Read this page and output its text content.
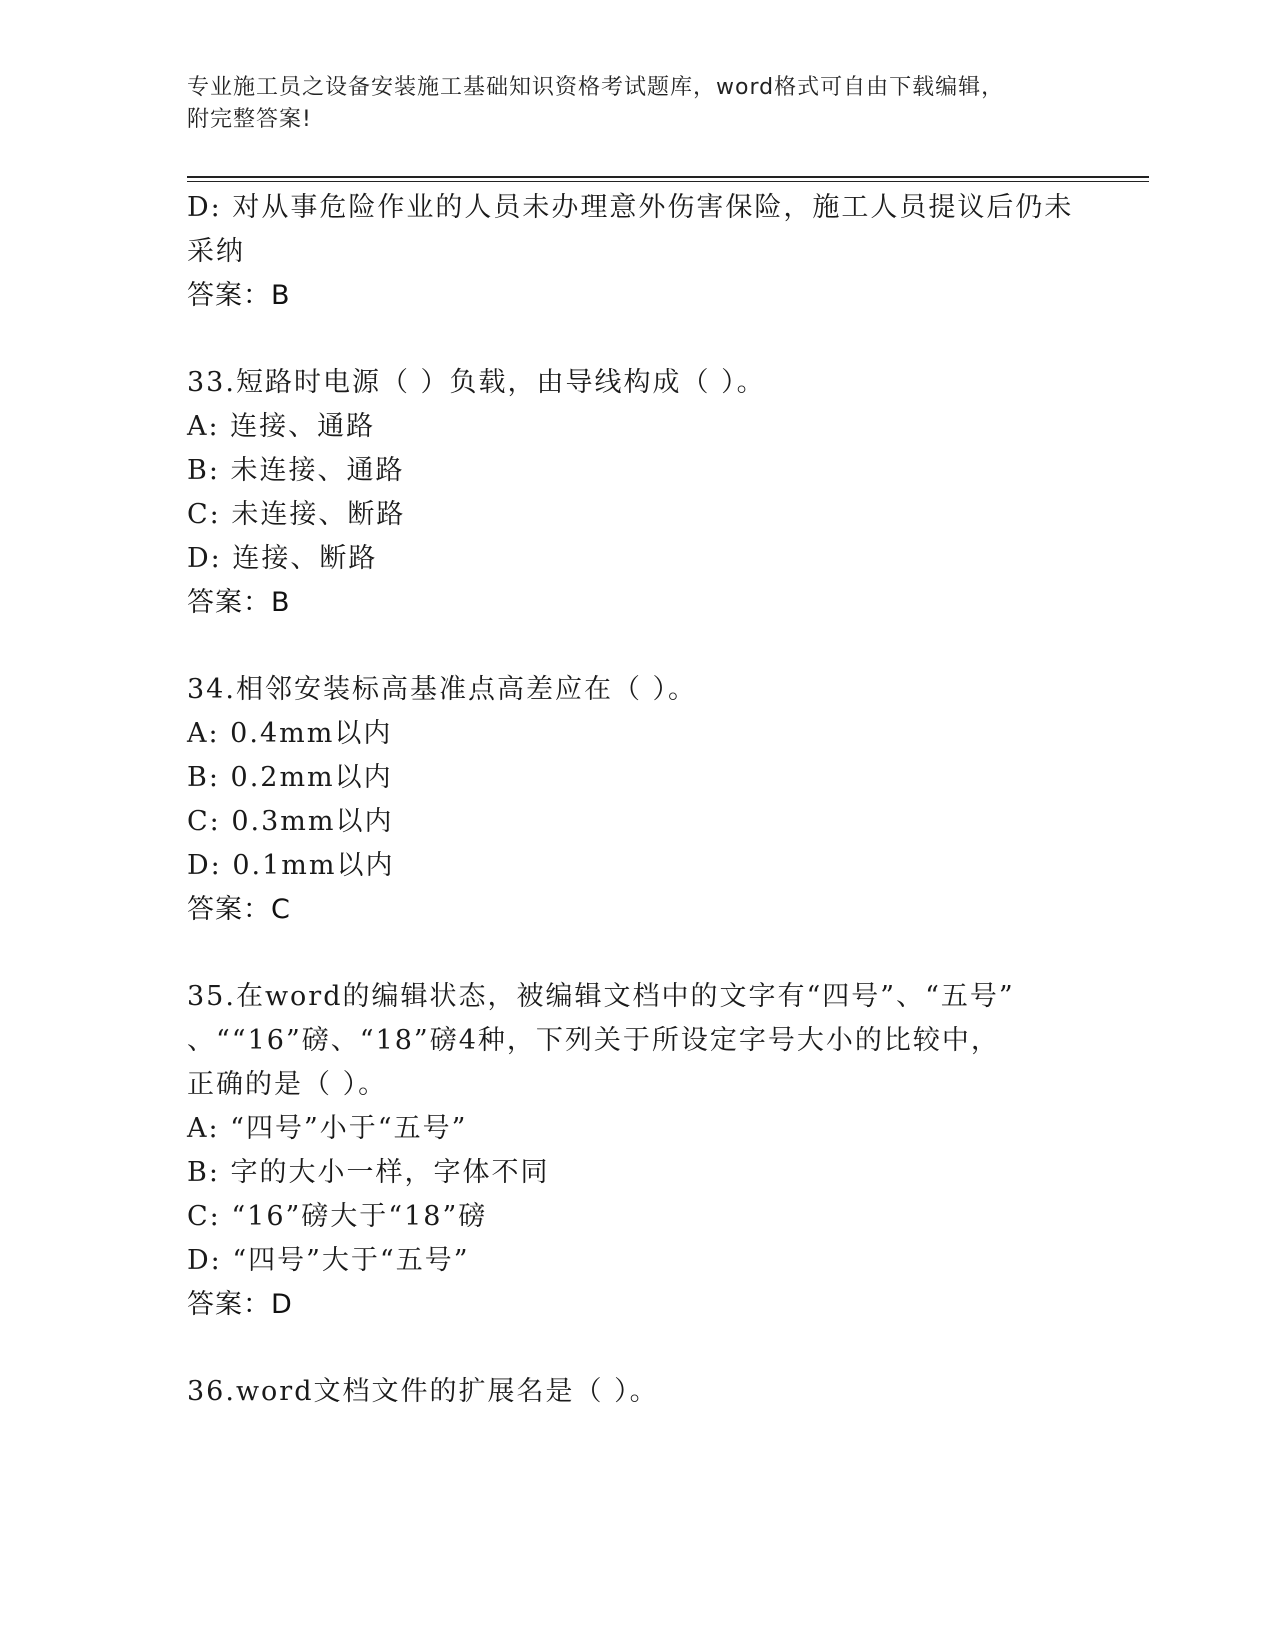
专业施工员之设备安装施工基础知识资格考试题库，word格式可自由下载编辑，
附完整答案!
D: 对从事危险作业的人员未办理意外伤害保险，施工人员提议后仍未
采纳
答案：B
33.短路时电源（ ）负载，由导线构成（ ）。
A: 连接、通路
B: 未连接、通路
C: 未连接、断路
D: 连接、断路
答案：B
34.相邻安装标高基准点高差应在（ ）。
A: 0.4mm以内
B: 0.2mm以内
C: 0.3mm以内
D: 0.1mm以内
答案：C
35.在word的编辑状态，被编辑文档中的文字有“四号”、“五号”
、““16”磅、“18”磅4种，下列关于所设定字号大小的比较中，
正确的是（ ）。
A: “四号”小于“五号”
B: 字的大小一样，字体不同
C: “16”磅大于“18”磅
D: “四号”大于“五号”
答案：D
36.word文档文件的扩展名是（ ）。
